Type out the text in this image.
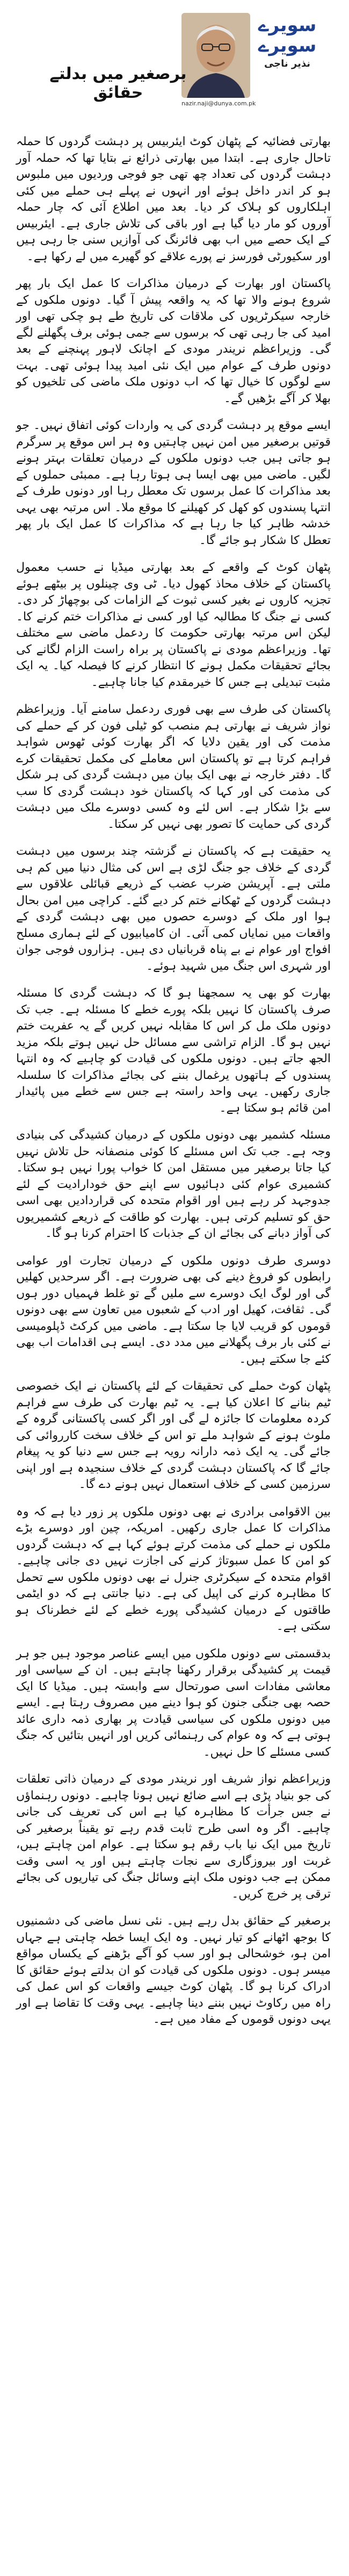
سویرے سویرے
نذیر ناجی
nazir.naji@dunya.com.pk
برصغیر میں بدلتے حقائق

بھارتی فضائیہ کے پٹھان کوٹ ایئربیس پر دہشت گردوں کا حملہ تاحال جاری ہے۔ ابتدا میں بھارتی ذرائع نے بتایا تھا کہ حملہ آور دہشت گردوں کی تعداد چھ تھی جو فوجی وردیوں میں ملبوس ہو کر اندر داخل ہوئے اور انہوں نے پہلے ہی حملے میں کئی اہلکاروں کو ہلاک کر دیا۔ بعد میں اطلاع آئی کہ چار حملہ آوروں کو مار دیا گیا ہے اور باقی کی تلاش جاری ہے۔ ایئربیس کے ایک حصے میں اب بھی فائرنگ کی آوازیں سنی جا رہی ہیں اور سکیورٹی فورسز نے پورے علاقے کو گھیرے میں لے رکھا ہے۔

پاکستان اور بھارت کے درمیان مذاکرات کا عمل ایک بار پھر شروع ہونے والا تھا کہ یہ واقعہ پیش آ گیا۔ دونوں ملکوں کے خارجہ سیکرٹریوں کی ملاقات کی تاریخ طے ہو چکی تھی اور امید کی جا رہی تھی کہ برسوں سے جمی ہوئی برف پگھلنے لگے گی۔ وزیراعظم نریندر مودی کے اچانک لاہور پہنچنے کے بعد دونوں طرف کے عوام میں ایک نئی امید پیدا ہوئی تھی۔ بہت سے لوگوں کا خیال تھا کہ اب دونوں ملک ماضی کی تلخیوں کو بھلا کر آگے بڑھیں گے۔

ایسے موقع پر دہشت گردی کی یہ واردات کوئی اتفاق نہیں۔ جو قوتیں برصغیر میں امن نہیں چاہتیں وہ ہر اس موقع پر سرگرم ہو جاتی ہیں جب دونوں ملکوں کے درمیان تعلقات بہتر ہونے لگیں۔ ماضی میں بھی ایسا ہی ہوتا رہا ہے۔ ممبئی حملوں کے بعد مذاکرات کا عمل برسوں تک معطل رہا اور دونوں طرف کے انتہا پسندوں کو کھل کر کھیلنے کا موقع ملا۔ اس مرتبہ بھی یہی خدشہ ظاہر کیا جا رہا ہے کہ مذاکرات کا عمل ایک بار پھر تعطل کا شکار ہو جائے گا۔

پٹھان کوٹ کے واقعے کے بعد بھارتی میڈیا نے حسب معمول پاکستان کے خلاف محاذ کھول دیا۔ ٹی وی چینلوں پر بیٹھے ہوئے تجزیہ کاروں نے بغیر کسی ثبوت کے الزامات کی بوچھاڑ کر دی۔ کسی نے جنگ کا مطالبہ کیا اور کسی نے مذاکرات ختم کرنے کا۔ لیکن اس مرتبہ بھارتی حکومت کا ردعمل ماضی سے مختلف تھا۔ وزیراعظم مودی نے پاکستان پر براہ راست الزام لگانے کی بجائے تحقیقات مکمل ہونے کا انتظار کرنے کا فیصلہ کیا۔ یہ ایک مثبت تبدیلی ہے جس کا خیرمقدم کیا جانا چاہیے۔

پاکستان کی طرف سے بھی فوری ردعمل سامنے آیا۔ وزیراعظم نواز شریف نے بھارتی ہم منصب کو ٹیلی فون کر کے حملے کی مذمت کی اور یقین دلایا کہ اگر بھارت کوئی ٹھوس شواہد فراہم کرتا ہے تو پاکستان اس معاملے کی مکمل تحقیقات کرے گا۔ دفتر خارجہ نے بھی ایک بیان میں دہشت گردی کی ہر شکل کی مذمت کی اور کہا کہ پاکستان خود دہشت گردی کا سب سے بڑا شکار ہے۔ اس لئے وہ کسی دوسرے ملک میں دہشت گردی کی حمایت کا تصور بھی نہیں کر سکتا۔

یہ حقیقت ہے کہ پاکستان نے گزشتہ چند برسوں میں دہشت گردی کے خلاف جو جنگ لڑی ہے اس کی مثال دنیا میں کم ہی ملتی ہے۔ آپریشن ضرب عضب کے ذریعے قبائلی علاقوں سے دہشت گردوں کے ٹھکانے ختم کر دیے گئے۔ کراچی میں امن بحال ہوا اور ملک کے دوسرے حصوں میں بھی دہشت گردی کے واقعات میں نمایاں کمی آئی۔ ان کامیابیوں کے لئے ہماری مسلح افواج اور عوام نے بے پناہ قربانیاں دی ہیں۔ ہزاروں فوجی جوان اور شہری اس جنگ میں شہید ہوئے۔

بھارت کو بھی یہ سمجھنا ہو گا کہ دہشت گردی کا مسئلہ صرف پاکستان کا نہیں بلکہ پورے خطے کا مسئلہ ہے۔ جب تک دونوں ملک مل کر اس کا مقابلہ نہیں کریں گے یہ عفریت ختم نہیں ہو گا۔ الزام تراشی سے مسائل حل نہیں ہوتے بلکہ مزید الجھ جاتے ہیں۔ دونوں ملکوں کی قیادت کو چاہیے کہ وہ انتہا پسندوں کے ہاتھوں یرغمال بننے کی بجائے مذاکرات کا سلسلہ جاری رکھیں۔ یہی واحد راستہ ہے جس سے خطے میں پائیدار امن قائم ہو سکتا ہے۔

مسئلہ کشمیر بھی دونوں ملکوں کے درمیان کشیدگی کی بنیادی وجہ ہے۔ جب تک اس مسئلے کا کوئی منصفانہ حل تلاش نہیں کیا جاتا برصغیر میں مستقل امن کا خواب پورا نہیں ہو سکتا۔ کشمیری عوام کئی دہائیوں سے اپنے حق خودارادیت کے لئے جدوجہد کر رہے ہیں اور اقوام متحدہ کی قراردادیں بھی اسی حق کو تسلیم کرتی ہیں۔ بھارت کو طاقت کے ذریعے کشمیریوں کی آواز دبانے کی بجائے ان کے جذبات کا احترام کرنا ہو گا۔

دوسری طرف دونوں ملکوں کے درمیان تجارت اور عوامی رابطوں کو فروغ دینے کی بھی ضرورت ہے۔ اگر سرحدیں کھلیں گی اور لوگ ایک دوسرے سے ملیں گے تو غلط فہمیاں دور ہوں گی۔ ثقافت، کھیل اور ادب کے شعبوں میں تعاون سے بھی دونوں قوموں کو قریب لایا جا سکتا ہے۔ ماضی میں کرکٹ ڈپلومیسی نے کئی بار برف پگھلانے میں مدد دی۔ ایسے ہی اقدامات اب بھی کئے جا سکتے ہیں۔

پٹھان کوٹ حملے کی تحقیقات کے لئے پاکستان نے ایک خصوصی ٹیم بنانے کا اعلان کیا ہے۔ یہ ٹیم بھارت کی طرف سے فراہم کردہ معلومات کا جائزہ لے گی اور اگر کسی پاکستانی گروہ کے ملوث ہونے کے شواہد ملے تو اس کے خلاف سخت کارروائی کی جائے گی۔ یہ ایک ذمہ دارانہ رویہ ہے جس سے دنیا کو یہ پیغام جائے گا کہ پاکستان دہشت گردی کے خلاف سنجیدہ ہے اور اپنی سرزمین کسی کے خلاف استعمال نہیں ہونے دے گا۔

بین الاقوامی برادری نے بھی دونوں ملکوں پر زور دیا ہے کہ وہ مذاکرات کا عمل جاری رکھیں۔ امریکہ، چین اور دوسرے بڑے ملکوں نے حملے کی مذمت کرتے ہوئے کہا ہے کہ دہشت گردوں کو امن کا عمل سبوتاژ کرنے کی اجازت نہیں دی جانی چاہیے۔ اقوام متحدہ کے سیکرٹری جنرل نے بھی دونوں ملکوں سے تحمل کا مظاہرہ کرنے کی اپیل کی ہے۔ دنیا جانتی ہے کہ دو ایٹمی طاقتوں کے درمیان کشیدگی پورے خطے کے لئے خطرناک ہو سکتی ہے۔

بدقسمتی سے دونوں ملکوں میں ایسے عناصر موجود ہیں جو ہر قیمت پر کشیدگی برقرار رکھنا چاہتے ہیں۔ ان کے سیاسی اور معاشی مفادات اسی صورتحال سے وابستہ ہیں۔ میڈیا کا ایک حصہ بھی جنگی جنون کو ہوا دینے میں مصروف رہتا ہے۔ ایسے میں دونوں ملکوں کی سیاسی قیادت پر بھاری ذمہ داری عائد ہوتی ہے کہ وہ عوام کی رہنمائی کریں اور انہیں بتائیں کہ جنگ کسی مسئلے کا حل نہیں۔

وزیراعظم نواز شریف اور نریندر مودی کے درمیان ذاتی تعلقات کی جو بنیاد پڑی ہے اسے ضائع نہیں ہونا چاہیے۔ دونوں رہنماؤں نے جس جرأت کا مظاہرہ کیا ہے اس کی تعریف کی جانی چاہیے۔ اگر وہ اسی طرح ثابت قدم رہے تو یقیناً برصغیر کی تاریخ میں ایک نیا باب رقم ہو سکتا ہے۔ عوام امن چاہتے ہیں، غربت اور بیروزگاری سے نجات چاہتے ہیں اور یہ اسی وقت ممکن ہے جب دونوں ملک اپنے وسائل جنگ کی تیاریوں کی بجائے ترقی پر خرچ کریں۔

برصغیر کے حقائق بدل رہے ہیں۔ نئی نسل ماضی کی دشمنیوں کا بوجھ اٹھانے کو تیار نہیں۔ وہ ایک ایسا خطہ چاہتی ہے جہاں امن ہو، خوشحالی ہو اور سب کو آگے بڑھنے کے یکساں مواقع میسر ہوں۔ دونوں ملکوں کی قیادت کو ان بدلتے ہوئے حقائق کا ادراک کرنا ہو گا۔ پٹھان کوٹ جیسے واقعات کو اس عمل کی راہ میں رکاوٹ نہیں بننے دینا چاہیے۔ یہی وقت کا تقاضا ہے اور یہی دونوں قوموں کے مفاد میں ہے۔
